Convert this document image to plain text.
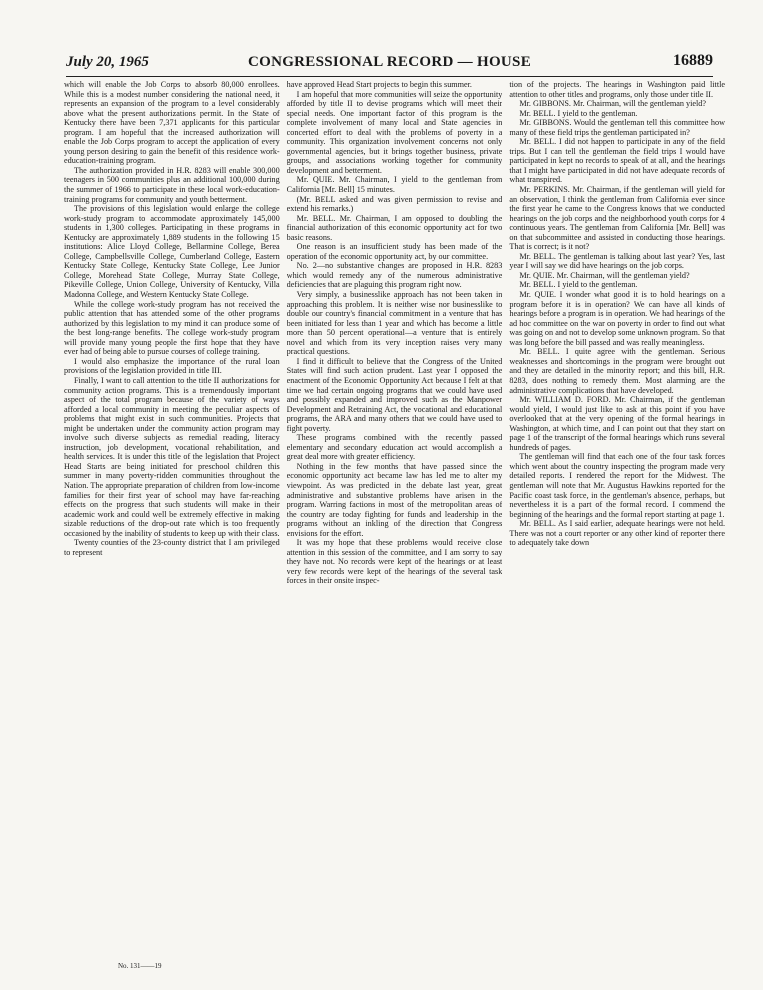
July 20, 1965	CONGRESSIONAL RECORD — HOUSE	16889

which will enable the Job Corps to absorb 80,000 enrollees. While this is a modest number considering the national need, it represents an expansion of the program to a level considerably above what the present authorizations permit. In the State of Kentucky there have been 7,371 applicants for this particular program. I am hopeful that the increased authorization will enable the Job Corps program to accept the application of every young person desiring to gain the benefit of this residence work-education-training program.

The authorization provided in H.R. 8283 will enable 300,000 teenagers in 500 communities plus an additional 100,000 during the summer of 1966 to participate in these local work-education-training programs for community and youth betterment.

The provisions of this legislation would enlarge the college work-study program to accommodate approximately 145,000 students in 1,300 colleges. Participating in these programs in Kentucky are approximately 1,889 students in the following 15 institutions: Alice Lloyd College, Bellarmine College, Berea College, Campbellsville College, Cumberland College, Eastern Kentucky State College, Kentucky State College, Lee Junior College, Morehead State College, Murray State College, Pikeville College, Union College, University of Kentucky, Villa Madonna College, and Western Kentucky State College.

While the college work-study program has not received the public attention that has attended some of the other programs authorized by this legislation to my mind it can produce some of the best long-range benefits. The college work-study program will provide many young people the first hope that they have ever had of being able to pursue courses of college training.

I would also emphasize the importance of the rural loan provisions of the legislation provided in title III.

Finally, I want to call attention to the title II authorizations for community action programs. This is a tremendously important aspect of the total program because of the variety of ways afforded a local community in meeting the peculiar aspects of problems that might exist in such communities. Projects that might be undertaken under the community action program may involve such diverse subjects as remedial reading, literacy instruction, job development, vocational rehabilitation, and health services. It is under this title of the legislation that Project Head Starts are being initiated for preschool children this summer in many poverty-ridden communities throughout the Nation. The appropriate preparation of children from low-income families for their first year of school may have far-reaching effects on the progress that such students will make in their academic work and could well be extremely effective in making sizable reductions of the drop-out rate which is too frequently occasioned by the inability of students to keep up with their class.

Twenty counties of the 23-county district that I am privileged to represent

have approved Head Start projects to begin this summer.

I am hopeful that more communities will seize the opportunity afforded by title II to devise programs which will meet their special needs. One important factor of this program is the complete involvement of many local and State agencies in concerted effort to deal with the problems of poverty in a community. This organization involvement concerns not only governmental agencies, but it brings together business, private groups, and associations working together for community development and betterment.

Mr. QUIE. Mr. Chairman, I yield to the gentleman from California [Mr. Bell] 15 minutes.

(Mr. BELL asked and was given permission to revise and extend his remarks.)

Mr. BELL. Mr. Chairman, I am opposed to doubling the financial authorization of this economic opportunity act for two basic reasons.

One reason is an insufficient study has been made of the operation of the economic opportunity act, by our committee.

No. 2—no substantive changes are proposed in H.R. 8283 which would remedy any of the numerous administrative deficiencies that are plaguing this program right now.

Very simply, a businesslike approach has not been taken in approaching this problem. It is neither wise nor businesslike to double our country's financial commitment in a venture that has been initiated for less than 1 year and which has become a little more than 50 percent operational—a venture that is entirely novel and which from its very inception raises very many practical questions.

I find it difficult to believe that the Congress of the United States will find such action prudent. Last year I opposed the enactment of the Economic Opportunity Act because I felt at that time we had certain ongoing programs that we could have used and possibly expanded and improved such as the Manpower Development and Retraining Act, the vocational and educational programs, the ARA and many others that we could have used to fight poverty.

These programs combined with the recently passed elementary and secondary education act would accomplish a great deal more with greater efficiency.

Nothing in the few months that have passed since the economic opportunity act became law has led me to alter my viewpoint. As was predicted in the debate last year, great administrative and substantive problems have arisen in the program. Warring factions in most of the metropolitan areas of the country are today fighting for funds and leadership in the programs without an inkling of the direction that Congress envisions for the effort.

It was my hope that these problems would receive close attention in this session of the committee, and I am sorry to say they have not. No records were kept of the hearings or at least very few records were kept of the hearings of the several task forces in their onsite inspec-

tion of the projects. The hearings in Washington paid little attention to other titles and programs, only those under title II.

Mr. GIBBONS. Mr. Chairman, will the gentleman yield?

Mr. BELL. I yield to the gentleman.

Mr. GIBBONS. Would the gentleman tell this committee how many of these field trips the gentleman participated in?

Mr. BELL. I did not happen to participate in any of the field trips. But I can tell the gentleman the field trips I would have participated in kept no records to speak of at all, and the hearings that I might have participated in did not have adequate records of what transpired.

Mr. PERKINS. Mr. Chairman, if the gentleman will yield for an observation, I think the gentleman from California ever since the first year he came to the Congress knows that we conducted hearings on the job corps and the neighborhood youth corps for 4 continuous years. The gentleman from California [Mr. Bell] was on that subcommittee and assisted in conducting those hearings. That is correct; is it not?

Mr. BELL. The gentleman is talking about last year? Yes, last year I will say we did have hearings on the job corps.

Mr. QUIE. Mr. Chairman, will the gentleman yield?

Mr. BELL. I yield to the gentleman.

Mr. QUIE. I wonder what good it is to hold hearings on a program before it is in operation? We can have all kinds of hearings before a program is in operation. We had hearings of the ad hoc committee on the war on poverty in order to find out what was going on and not to develop some unknown program. So that was long before the bill passed and was really meaningless.

Mr. BELL. I quite agree with the gentleman. Serious weaknesses and shortcomings in the program were brought out and they are detailed in the minority report; and this bill, H.R. 8283, does nothing to remedy them. Most alarming are the administrative complications that have developed.

Mr. WILLIAM D. FORD. Mr. Chairman, if the gentleman would yield, I would just like to ask at this point if you have overlooked that at the very opening of the formal hearings in Washington, at which time, and I can point out that they start on page 1 of the transcript of the formal hearings which runs several hundreds of pages.

The gentleman will find that each one of the four task forces which went about the country inspecting the program made very detailed reports. I rendered the report for the Midwest. The gentleman will note that Mr. Augustus Hawkins reported for the Pacific coast task force, in the gentleman's absence, perhaps, but nevertheless it is a part of the formal record. I commend the beginning of the hearings and the formal report starting at page 1.

Mr. BELL. As I said earlier, adequate hearings were not held. There was not a court reporter or any other kind of reporter there to adequately take down

No. 131——19
